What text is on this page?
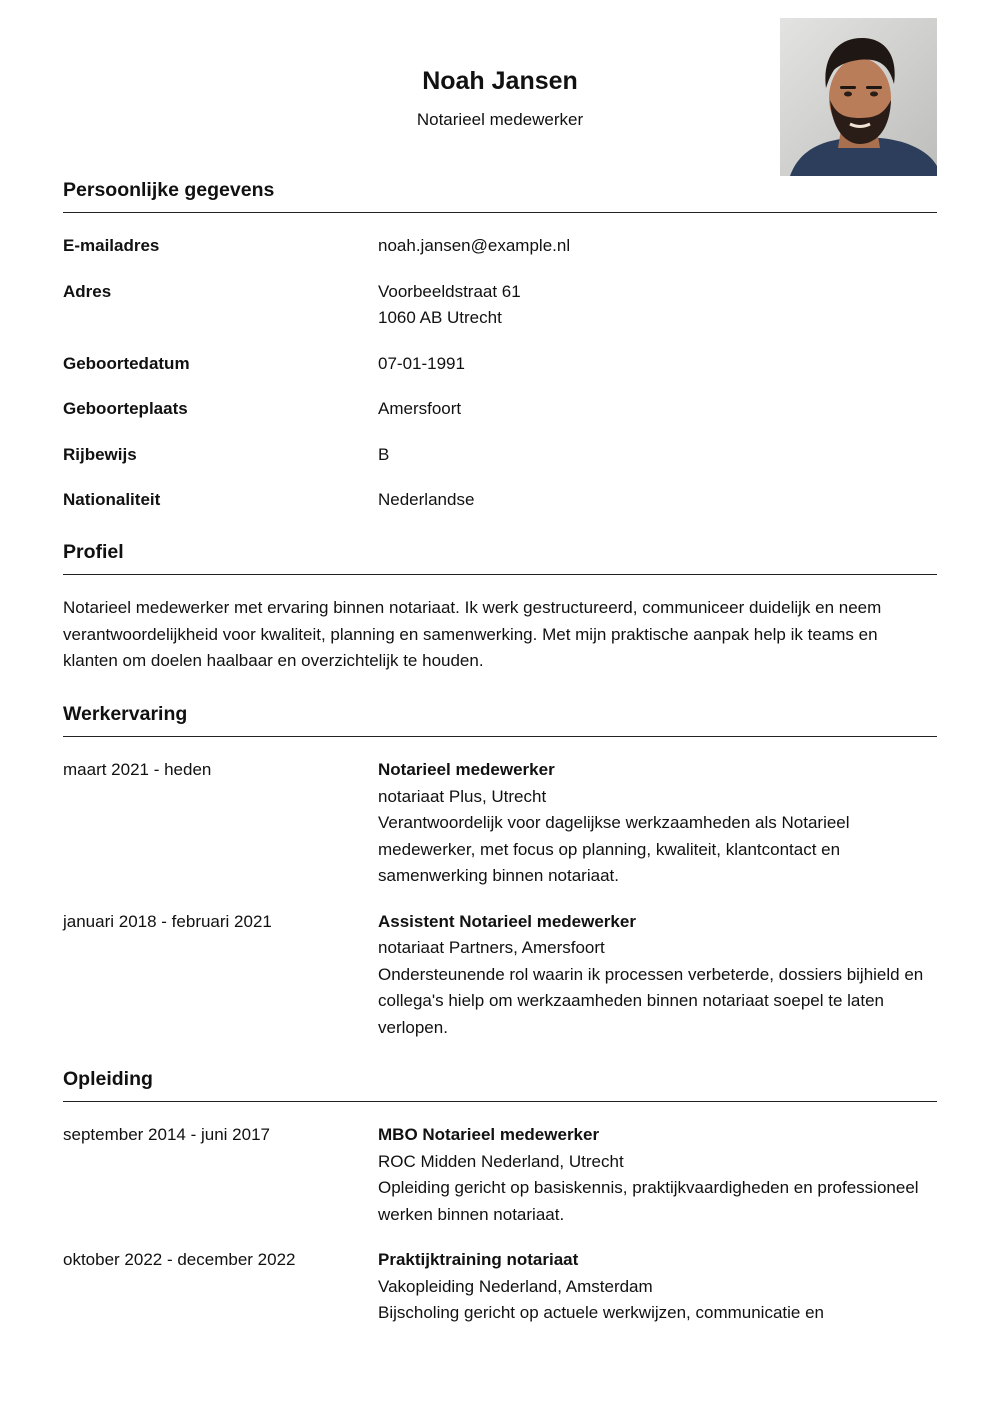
Noah Jansen
Notarieel medewerker
Persoonlijke gegevens
E-mailadres	noah.jansen@example.nl
Adres	Voorbeeldstraat 61
1060 AB Utrecht
Geboortedatum	07-01-1991
Geboorteplaats	Amersfoort
Rijbewijs	B
Nationaliteit	Nederlandse
Profiel

Notarieel medewerker met ervaring binnen notariaat. Ik werk gestructureerd, communiceer duidelijk en neem verantwoordelijkheid voor kwaliteit, planning en samenwerking. Met mijn praktische aanpak help ik teams en klanten om doelen haalbaar en overzichtelijk te houden.

Werkervaring
maart 2021 - heden	Notarieel medewerker
notariaat Plus, Utrecht
Verantwoordelijk voor dagelijkse werkzaamheden als Notarieel medewerker, met focus op planning, kwaliteit, klantcontact en samenwerking binnen notariaat.
januari 2018 - februari 2021	Assistent Notarieel medewerker
notariaat Partners, Amersfoort
Ondersteunende rol waarin ik processen verbeterde, dossiers bijhield en collega's hielp om werkzaamheden binnen notariaat soepel te laten verlopen.
Opleiding
september 2014 - juni 2017	MBO Notarieel medewerker
ROC Midden Nederland, Utrecht
Opleiding gericht op basiskennis, praktijkvaardigheden en professioneel werken binnen notariaat.
oktober 2022 - december 2022	Praktijktraining notariaat
Vakopleiding Nederland, Amsterdam
Bijscholing gericht op actuele werkwijzen, communicatie en
